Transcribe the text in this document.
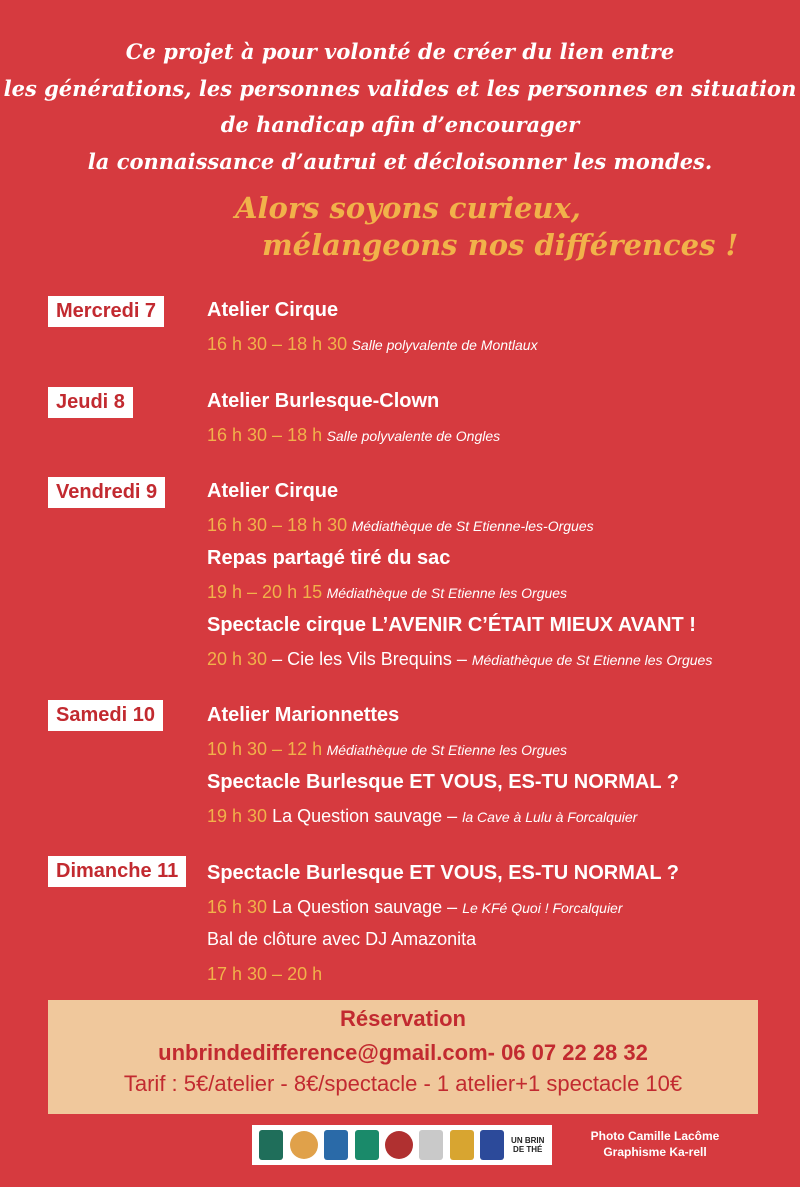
Ce projet à pour volonté de créer du lien entre
les générations, les personnes valides et les personnes en situation
de handicap afin d’encourager
la connaissance d’autrui et décloisonner les mondes.
Alors soyons curieux,
mélangeons nos différences !
Mercredi 7	Atelier Cirque
16 h 30 – 18 h 30 Salle polyvalente de Montlaux
Jeudi 8	Atelier Burlesque-Clown
16 h 30 – 18 h Salle polyvalente de Ongles
Vendredi 9	Atelier Cirque
16 h 30 – 18 h 30 Médiathèque de St Etienne-les-Orgues
Repas partagé tiré du sac
19 h – 20 h 15 Médiathèque de St Etienne les Orgues
Spectacle cirque L’AVENIR C’ÉTAIT MIEUX AVANT !
20 h 30 – Cie les Vils Brequins – Médiathèque de St Etienne les Orgues
Samedi 10	Atelier Marionnettes
10 h 30 – 12 h Médiathèque de St Etienne les Orgues
Spectacle Burlesque ET VOUS, ES-TU NORMAL ?
19 h 30 La Question sauvage – la Cave à Lulu à Forcalquier
Dimanche 11	Spectacle Burlesque ET VOUS, ES-TU NORMAL ?
16 h 30 La Question sauvage – Le KFé Quoi ! Forcalquier
Bal de clôture avec DJ Amazonita
17 h 30 – 20 h
Réservation
unbrindedifference@gmail.com- 06 07 22 28 32
Tarif : 5€/atelier - 8€/spectacle - 1 atelier+1 spectacle 10€
UN BRIN DE THÉ
Photo Camille Lacôme
Graphisme Ka-rell
